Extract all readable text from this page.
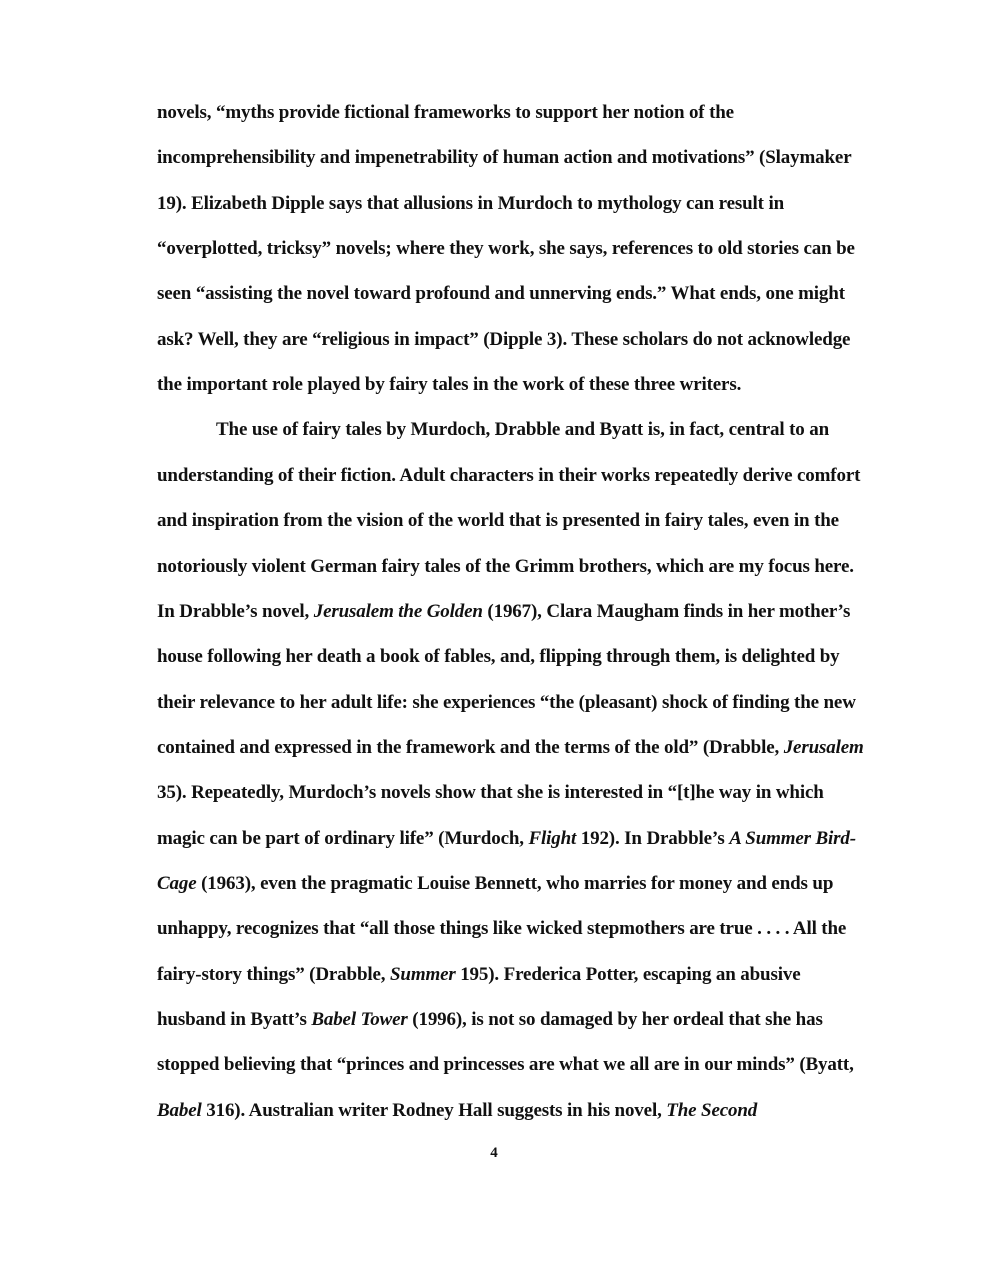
novels, “myths provide fictional frameworks to support her notion of the
incomprehensibility and impenetrability of human action and motivations” (Slaymaker
19). Elizabeth Dipple says that allusions in Murdoch to mythology can result in
“overplotted, tricksy” novels; where they work, she says, references to old stories can be
seen “assisting the novel toward profound and unnerving ends.” What ends, one might
ask? Well, they are “religious in impact” (Dipple 3). These scholars do not acknowledge
the important role played by fairy tales in the work of these three writers.
The use of fairy tales by Murdoch, Drabble and Byatt is, in fact, central to an
understanding of their fiction. Adult characters in their works repeatedly derive comfort
and inspiration from the vision of the world that is presented in fairy tales, even in the
notoriously violent German fairy tales of the Grimm brothers, which are my focus here.
In Drabble’s novel, Jerusalem the Golden (1967), Clara Maugham finds in her mother’s
house following her death a book of fables, and, flipping through them, is delighted by
their relevance to her adult life: she experiences “the (pleasant) shock of finding the new
contained and expressed in the framework and the terms of the old” (Drabble, Jerusalem
35). Repeatedly, Murdoch’s novels show that she is interested in “[t]he way in which
magic can be part of ordinary life” (Murdoch, Flight 192). In Drabble’s A Summer Bird-
Cage (1963), even the pragmatic Louise Bennett, who marries for money and ends up
unhappy, recognizes that “all those things like wicked stepmothers are true . . . . All the
fairy-story things” (Drabble, Summer 195). Frederica Potter, escaping an abusive
husband in Byatt’s Babel Tower (1996), is not so damaged by her ordeal that she has
stopped believing that “princes and princesses are what we all are in our minds” (Byatt,
Babel 316). Australian writer Rodney Hall suggests in his novel, The Second
4
